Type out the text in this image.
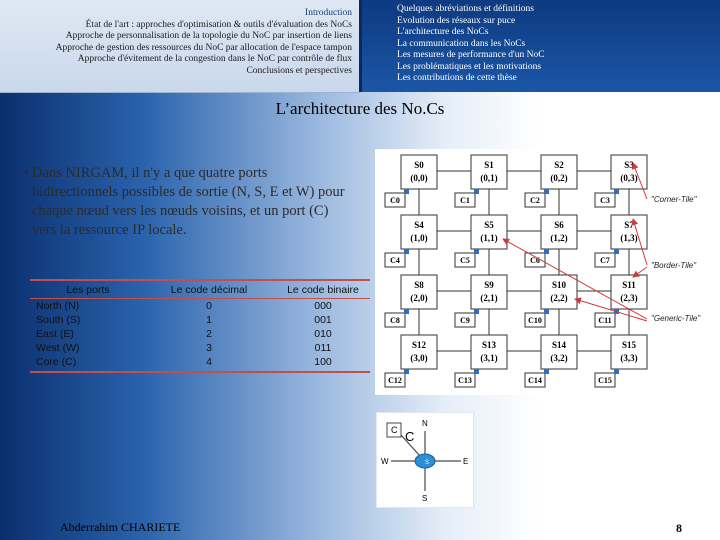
Introduction
État de l'art : approches d'optimisation & outils d'évaluation des NoCs
Approche de personnalisation de la topologie du NoC par insertion de liens
Approche de gestion des ressources du NoC par allocation de l'espace tampon
Approche d'évitement de la congestion dans le NoC par contrôle de flux
Conclusions et perspectives
Quelques abréviations et définitions
Evolution des réseaux sur puce
L'architecture des NoCs
La communication dans les NoCs
Les mesures de performance d'un NoC
Les problématiques et les motivations
Les contributions de cette thèse
L’architecture des No.Cs
• Dans NIRGAM, il n'y a que quatre ports bidirectionnels possibles de sortie (N, S, E et W) pour chaque nœud vers les nœuds voisins, et un port (C) vers la ressource IP locale.
Les ports	Le code décimal	Le code binaire
North (N)	0	000
South (S)	1	001
East (E)	2	010
West (W)	3	011
Core (C)	4	100
S0
(0,0)
C0
S1
(0,1)
C1
S2
(0,2)
C2
S3
(0,3)
C3
S4
(1,0)
C4
S5
(1,1)
C5
S6
(1,2)
C6
S7
(1,3)
C7
S8
(2,0)
C8
S9
(2,1)
C9
S10
(2,2)
C10
S11
(2,3)
C11
S12
(3,0)
C12
S13
(3,1)
C13
S14
(3,2)
C14
S15
(3,3)
C15
"Corner-Tile"
"Border-Tile"
"Generic-Tile"
C C
N
S
S
W	E
Abderrahim CHARIETE	8
